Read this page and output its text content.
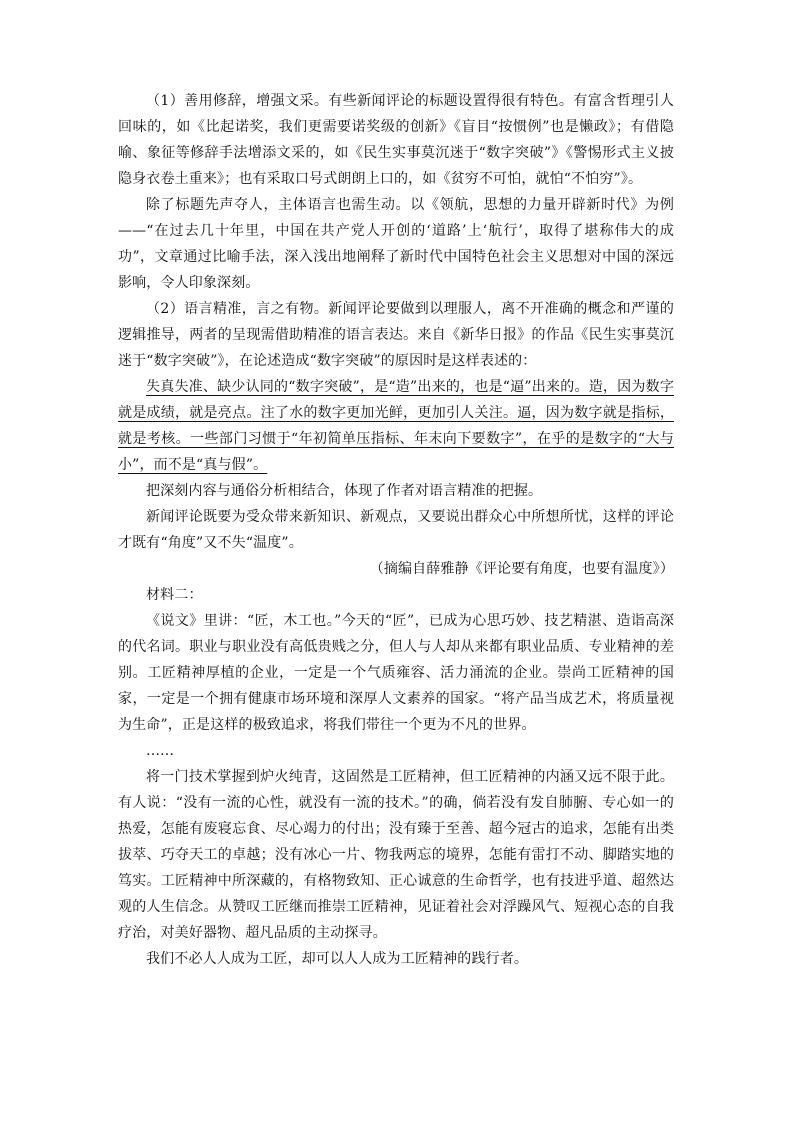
（1）善用修辞，增强文采。有些新闻评论的标题设置得很有特色。有富含哲理引人回味的，如《比起诺奖，我们更需要诺奖级的创新》《盲目“按惯例”也是懒政》；有借隐喻、象征等修辞手法增添文采的，如《民生实事莫沉迷于“数字突破”》《警惕形式主义披隐身衣卷土重来》；也有采取口号式朗朗上口的，如《贫穷不可怕，就怕“不怕穷”》。

除了标题先声夺人，主体语言也需生动。以《领航，思想的力量开辟新时代》为例——“在过去几十年里，中国在共产党人开创的‘道路’上‘航行’，取得了堪称伟大的成功”，文章通过比喻手法，深入浅出地阐释了新时代中国特色社会主义思想对中国的深远影响，令人印象深刻。

（2）语言精准，言之有物。新闻评论要做到以理服人，离不开准确的概念和严谨的逻辑推导，两者的呈现需借助精准的语言表达。来自《新华日报》的作品《民生实事莫沉迷于“数字突破”》，在论述造成“数字突破”的原因时是这样表述的：

失真失准、缺少认同的“数字突破”，是“造”出来的，也是“逼”出来的。造，因为数字就是成绩，就是亮点。注了水的数字更加光鲜，更加引人关注。逼，因为数字就是指标，就是考核。一些部门习惯于“年初简单压指标、年末向下要数字”，在乎的是数字的“大与小”，而不是“真与假”。

把深刻内容与通俗分析相结合，体现了作者对语言精准的把握。

新闻评论既要为受众带来新知识、新观点，又要说出群众心中所想所忧，这样的评论才既有“角度”又不失“温度”。

（摘编自薛雅静《评论要有角度，也要有温度》）

材料二：

《说文》里讲：“匠，木工也。”今天的“匠”，已成为心思巧妙、技艺精湛、造诣高深的代名词。职业与职业没有高低贵贱之分，但人与人却从来都有职业品质、专业精神的差别。工匠精神厚植的企业，一定是一个气质雍容、活力涌流的企业。崇尚工匠精神的国家，一定是一个拥有健康市场环境和深厚人文素养的国家。“将产品当成艺术，将质量视为生命”，正是这样的极致追求，将我们带往一个更为不凡的世界。

……

将一门技术掌握到炉火纯青，这固然是工匠精神，但工匠精神的内涵又远不限于此。有人说：“没有一流的心性，就没有一流的技术。”的确，倘若没有发自肺腑、专心如一的热爱，怎能有废寝忘食、尽心竭力的付出；没有臻于至善、超今冠古的追求，怎能有出类拔萃、巧夺天工的卓越；没有冰心一片、物我两忘的境界，怎能有雷打不动、脚踏实地的笃实。工匠精神中所深藏的，有格物致知、正心诚意的生命哲学，也有技进乎道、超然达观的人生信念。从赞叹工匠继而推崇工匠精神，见证着社会对浮躁风气、短视心态的自我疗治，对美好器物、超凡品质的主动探寻。

我们不必人人成为工匠，却可以人人成为工匠精神的践行者。
